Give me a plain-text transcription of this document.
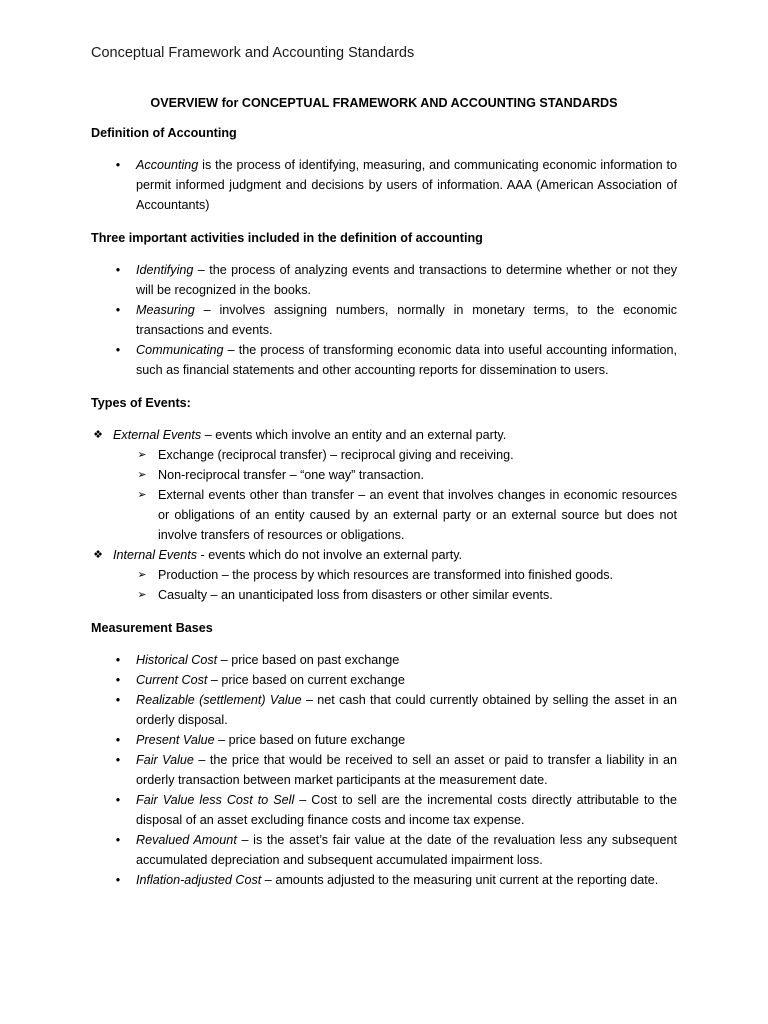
Conceptual Framework and Accounting Standards
OVERVIEW for CONCEPTUAL FRAMEWORK AND ACCOUNTING STANDARDS
Definition of Accounting
• Accounting is the process of identifying, measuring, and communicating economic information to permit informed judgment and decisions by users of information. AAA (American Association of Accountants)
Three important activities included in the definition of accounting
• Identifying – the process of analyzing events and transactions to determine whether or not they will be recognized in the books.
• Measuring – involves assigning numbers, normally in monetary terms, to the economic transactions and events.
• Communicating – the process of transforming economic data into useful accounting information, such as financial statements and other accounting reports for dissemination to users.
Types of Events:
❖ External Events – events which involve an entity and an external party.
➢ Exchange (reciprocal transfer) – reciprocal giving and receiving.
➢ Non-reciprocal transfer – “one way” transaction.
➢ External events other than transfer – an event that involves changes in economic resources or obligations of an entity caused by an external party or an external source but does not involve transfers of resources or obligations.
❖ Internal Events - events which do not involve an external party.
➢ Production – the process by which resources are transformed into finished goods.
➢ Casualty – an unanticipated loss from disasters or other similar events.
Measurement Bases
• Historical Cost – price based on past exchange
• Current Cost – price based on current exchange
• Realizable (settlement) Value – net cash that could currently obtained by selling the asset in an orderly disposal.
• Present Value – price based on future exchange
• Fair Value – the price that would be received to sell an asset or paid to transfer a liability in an orderly transaction between market participants at the measurement date.
• Fair Value less Cost to Sell – Cost to sell are the incremental costs directly attributable to the disposal of an asset excluding finance costs and income tax expense.
• Revalued Amount – is the asset’s fair value at the date of the revaluation less any subsequent accumulated depreciation and subsequent accumulated impairment loss.
• Inflation-adjusted Cost – amounts adjusted to the measuring unit current at the reporting date.
